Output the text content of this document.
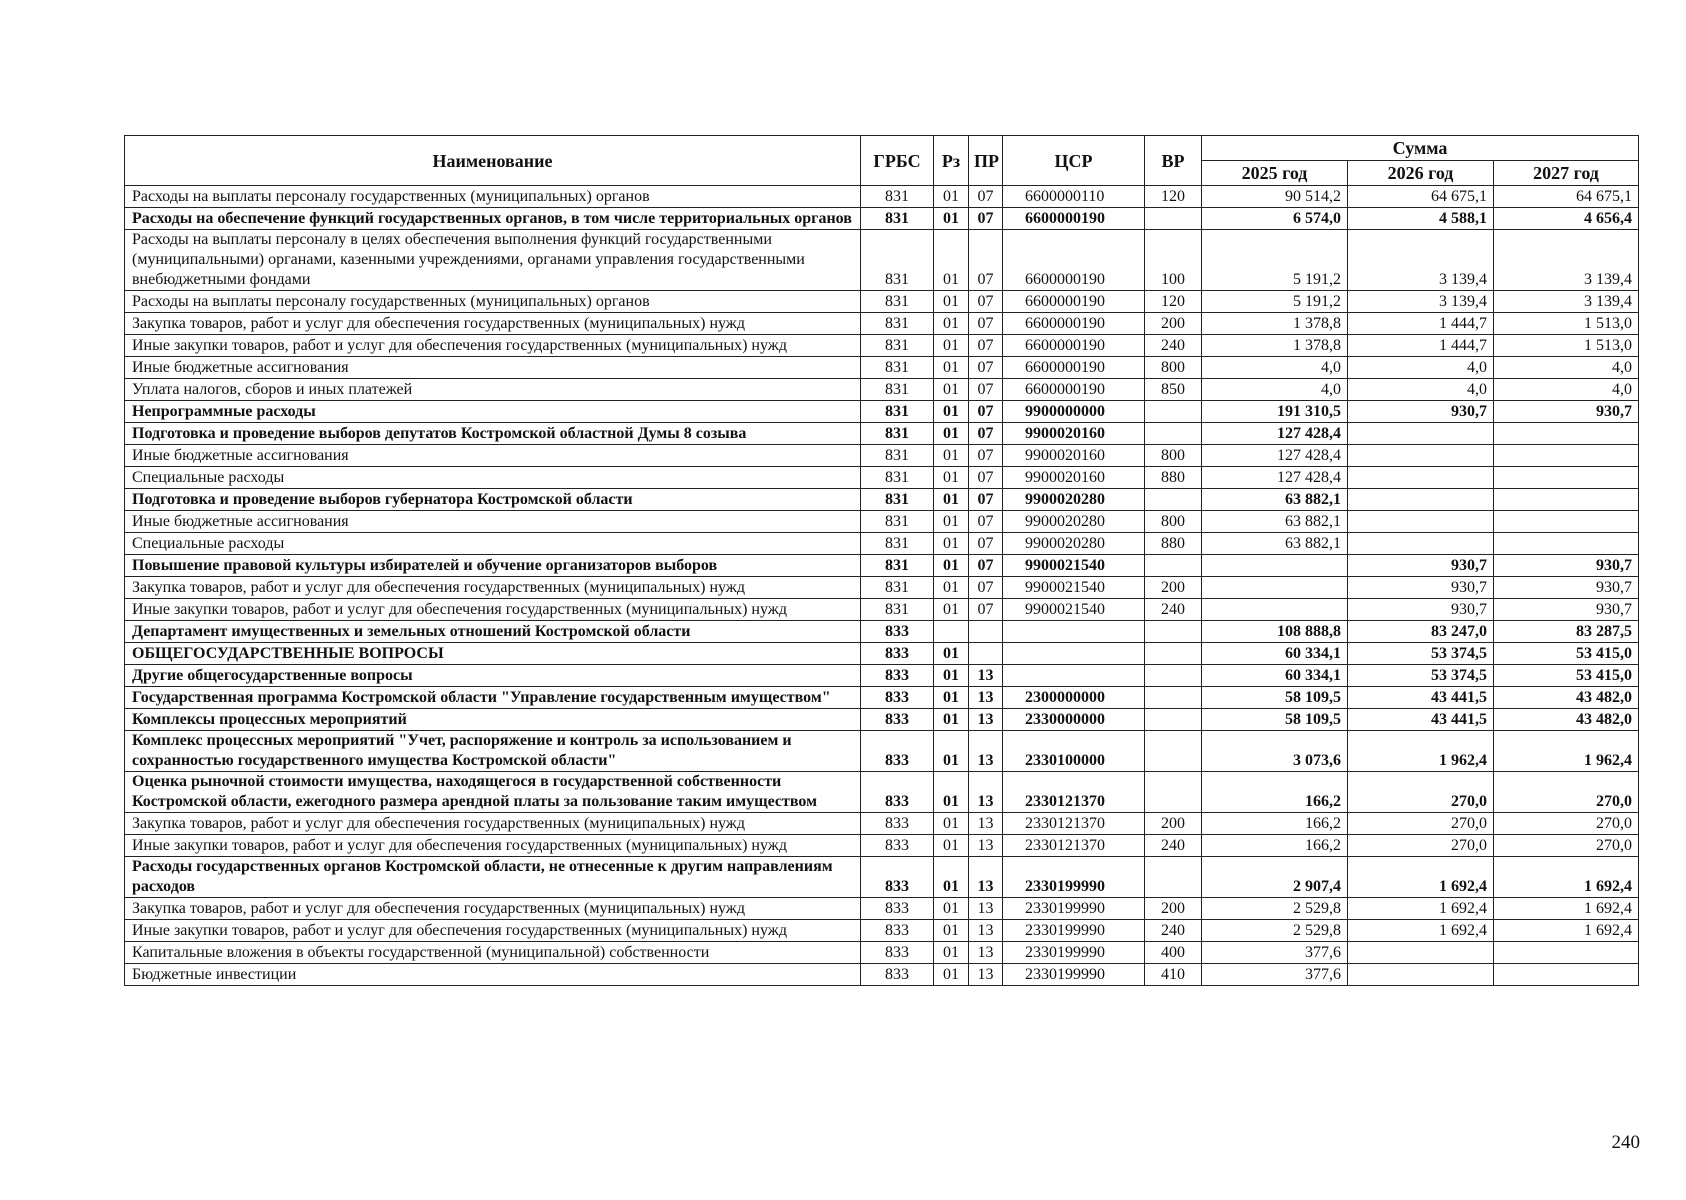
Наименование	ГРБС	Рз	ПР	ЦСР	ВР	Сумма		
						2025 год	2026 год	2027 год
Расходы на выплаты персоналу государственных (муниципальных) органов	831	01	07	6600000110	120	90 514,2	64 675,1	64 675,1
Расходы на обеспечение функций государственных органов, в том числе территориальных органов	831	01	07	6600000190		6 574,0	4 588,1	4 656,4
Расходы на выплаты персоналу в целях обеспечения выполнения функций государственными (муниципальными) органами, казенными учреждениями, органами управления государственными внебюджетными фондами	831	01	07	6600000190	100	5 191,2	3 139,4	3 139,4
Расходы на выплаты персоналу государственных (муниципальных) органов	831	01	07	6600000190	120	5 191,2	3 139,4	3 139,4
Закупка товаров, работ и услуг для обеспечения государственных (муниципальных) нужд	831	01	07	6600000190	200	1 378,8	1 444,7	1 513,0
Иные закупки товаров, работ и услуг для обеспечения государственных (муниципальных) нужд	831	01	07	6600000190	240	1 378,8	1 444,7	1 513,0
Иные бюджетные ассигнования	831	01	07	6600000190	800	4,0	4,0	4,0
Уплата налогов, сборов и иных платежей	831	01	07	6600000190	850	4,0	4,0	4,0
Непрограммные расходы	831	01	07	9900000000		191 310,5	930,7	930,7
Подготовка и проведение выборов депутатов Костромской областной Думы 8 созыва	831	01	07	9900020160		127 428,4		
Иные бюджетные ассигнования	831	01	07	9900020160	800	127 428,4		
Специальные расходы	831	01	07	9900020160	880	127 428,4		
Подготовка и проведение выборов губернатора Костромской области	831	01	07	9900020280		63 882,1		
Иные бюджетные ассигнования	831	01	07	9900020280	800	63 882,1		
Специальные расходы	831	01	07	9900020280	880	63 882,1		
Повышение правовой культуры избирателей и обучение организаторов выборов	831	01	07	9900021540			930,7	930,7
Закупка товаров, работ и услуг для обеспечения государственных (муниципальных) нужд	831	01	07	9900021540	200		930,7	930,7
Иные закупки товаров, работ и услуг для обеспечения государственных (муниципальных) нужд	831	01	07	9900021540	240		930,7	930,7
Департамент имущественных и земельных отношений Костромской области	833					108 888,8	83 247,0	83 287,5
ОБЩЕГОСУДАРСТВЕННЫЕ ВОПРОСЫ	833	01				60 334,1	53 374,5	53 415,0
Другие общегосударственные вопросы	833	01	13			60 334,1	53 374,5	53 415,0
Государственная программа Костромской области "Управление государственным имуществом"	833	01	13	2300000000		58 109,5	43 441,5	43 482,0
Комплексы процессных мероприятий	833	01	13	2330000000		58 109,5	43 441,5	43 482,0
Комплекс процессных мероприятий "Учет, распоряжение и контроль за использованием и сохранностью государственного имущества Костромской области"	833	01	13	2330100000		3 073,6	1 962,4	1 962,4
Оценка рыночной стоимости имущества, находящегося в государственной собственности Костромской области, ежегодного размера арендной платы за пользование таким имуществом	833	01	13	2330121370		166,2	270,0	270,0
Закупка товаров, работ и услуг для обеспечения государственных (муниципальных) нужд	833	01	13	2330121370	200	166,2	270,0	270,0
Иные закупки товаров, работ и услуг для обеспечения государственных (муниципальных) нужд	833	01	13	2330121370	240	166,2	270,0	270,0
Расходы государственных органов Костромской области, не отнесенные к другим направлениям расходов	833	01	13	2330199990		2 907,4	1 692,4	1 692,4
Закупка товаров, работ и услуг для обеспечения государственных (муниципальных) нужд	833	01	13	2330199990	200	2 529,8	1 692,4	1 692,4
Иные закупки товаров, работ и услуг для обеспечения государственных (муниципальных) нужд	833	01	13	2330199990	240	2 529,8	1 692,4	1 692,4
Капитальные вложения в объекты государственной (муниципальной) собственности	833	01	13	2330199990	400	377,6		
Бюджетные инвестиции	833	01	13	2330199990	410	377,6		
240
